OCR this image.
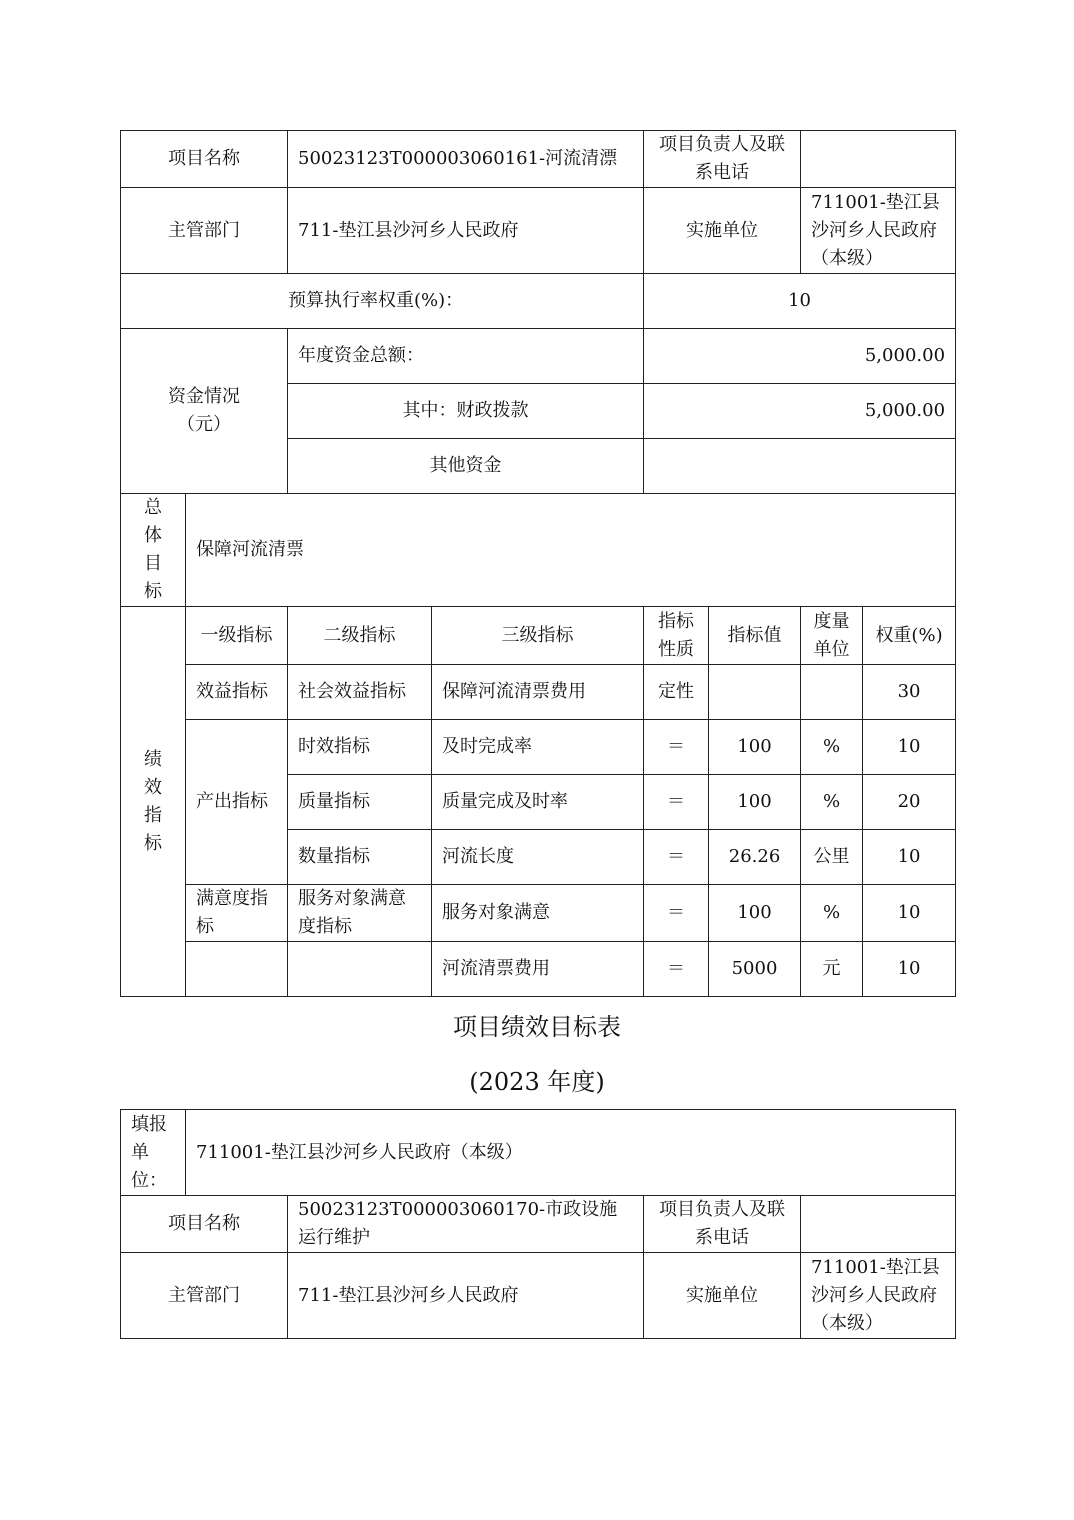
项目名称		50023123T000003060161-河流清漂		项目负责人及联系电话			
主管部门		711-垫江县沙河乡人民政府		实施单位		711001-垫江县沙河乡人民政府（本级）	
预算执行率权重(%)：				10			
资金情况（元）		年度资金总额：		5,000.00			
		其中：财政拨款		5,000.00			
		其他资金					

总
体
目
标	保障河流清票						

绩
效
指
标	一级指标	二级指标	三级指标	指标性质	指标值	度量单位	权重(%)
	效益指标	社会效益指标	保障河流清票费用	定性			30
	产出指标	时效指标	及时完成率	＝	100	%	10
		质量指标	质量完成及时率	＝	100	%	20
		数量指标	河流长度	＝	26.26	公里	10
	满意度指标	服务对象满意度指标	服务对象满意	＝	100	%	10
			河流清票费用	＝	5000	元	10
项目绩效目标表
(2023 年度)
填报
单
位：	711001-垫江县沙河乡人民政府（本级）			
项目名称		50023123T000003060170-市政设施运行维护	项目负责人及联系电话	
主管部门		711-垫江县沙河乡人民政府	实施单位	711001-垫江县沙河乡人民政府（本级）
